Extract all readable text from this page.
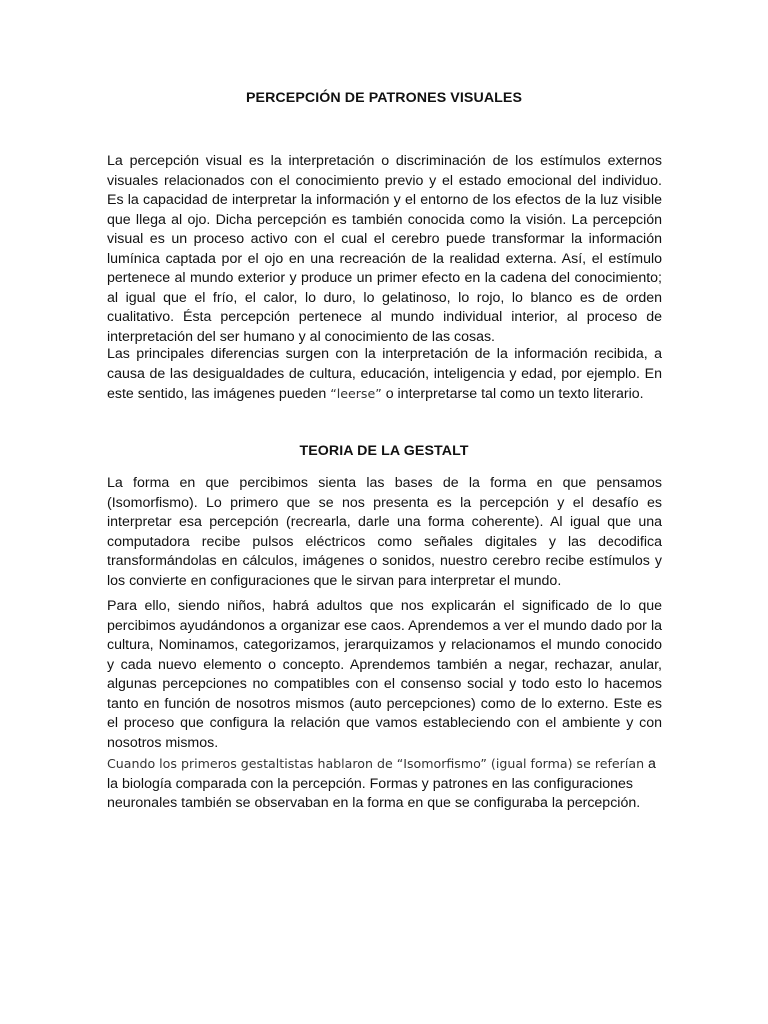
PERCEPCIÓN DE PATRONES VISUALES

La percepción visual es la interpretación o discriminación de los estímulos externos visuales relacionados con el conocimiento previo y el estado emocional del individuo. Es la capacidad de interpretar la información y el entorno de los efectos de la luz visible que llega al ojo. Dicha percepción es también conocida como la visión. La percepción visual es un proceso activo con el cual el cerebro puede transformar la información lumínica captada por el ojo en una recreación de la realidad externa. Así, el estímulo pertenece al mundo exterior y produce un primer efecto en la cadena del conocimiento; al igual que el frío, el calor, lo duro, lo gelatinoso, lo rojo, lo blanco es de orden cualitativo. Ésta percepción pertenece al mundo individual interior, al proceso de interpretación del ser humano y al conocimiento de las cosas.

Las principales diferencias surgen con la interpretación de la información recibida, a causa de las desigualdades de cultura, educación, inteligencia y edad, por ejemplo. En este sentido, las imágenes pueden “leerse” o interpretarse tal como un texto literario.

TEORIA DE LA GESTALT

La forma en que percibimos sienta las bases de la forma en que pensamos (Isomorfismo). Lo primero que se nos presenta es la percepción y el desafío es interpretar esa percepción (recrearla, darle una forma coherente). Al igual que una computadora recibe pulsos eléctricos como señales digitales y las decodifica transformándolas en cálculos, imágenes o sonidos, nuestro cerebro recibe estímulos y los convierte en configuraciones que le sirvan para interpretar el mundo.

Para ello, siendo niños, habrá adultos que nos explicarán el significado de lo que percibimos ayudándonos a organizar ese caos. Aprendemos a ver el mundo dado por la cultura, Nominamos, categorizamos, jerarquizamos y relacionamos el mundo conocido y cada nuevo elemento o concepto. Aprendemos también a negar, rechazar, anular, algunas percepciones no compatibles con el consenso social y todo esto lo hacemos tanto en función de nosotros mismos (auto percepciones) como de lo externo. Este es el proceso que configura la relación que vamos estableciendo con el ambiente y con nosotros mismos.

Cuando los primeros gestaltistas hablaron de “Isomorfismo” (igual forma) se referían a la biología comparada con la percepción. Formas y patrones en las configuraciones neuronales también se observaban en la forma en que se configuraba la percepción.
